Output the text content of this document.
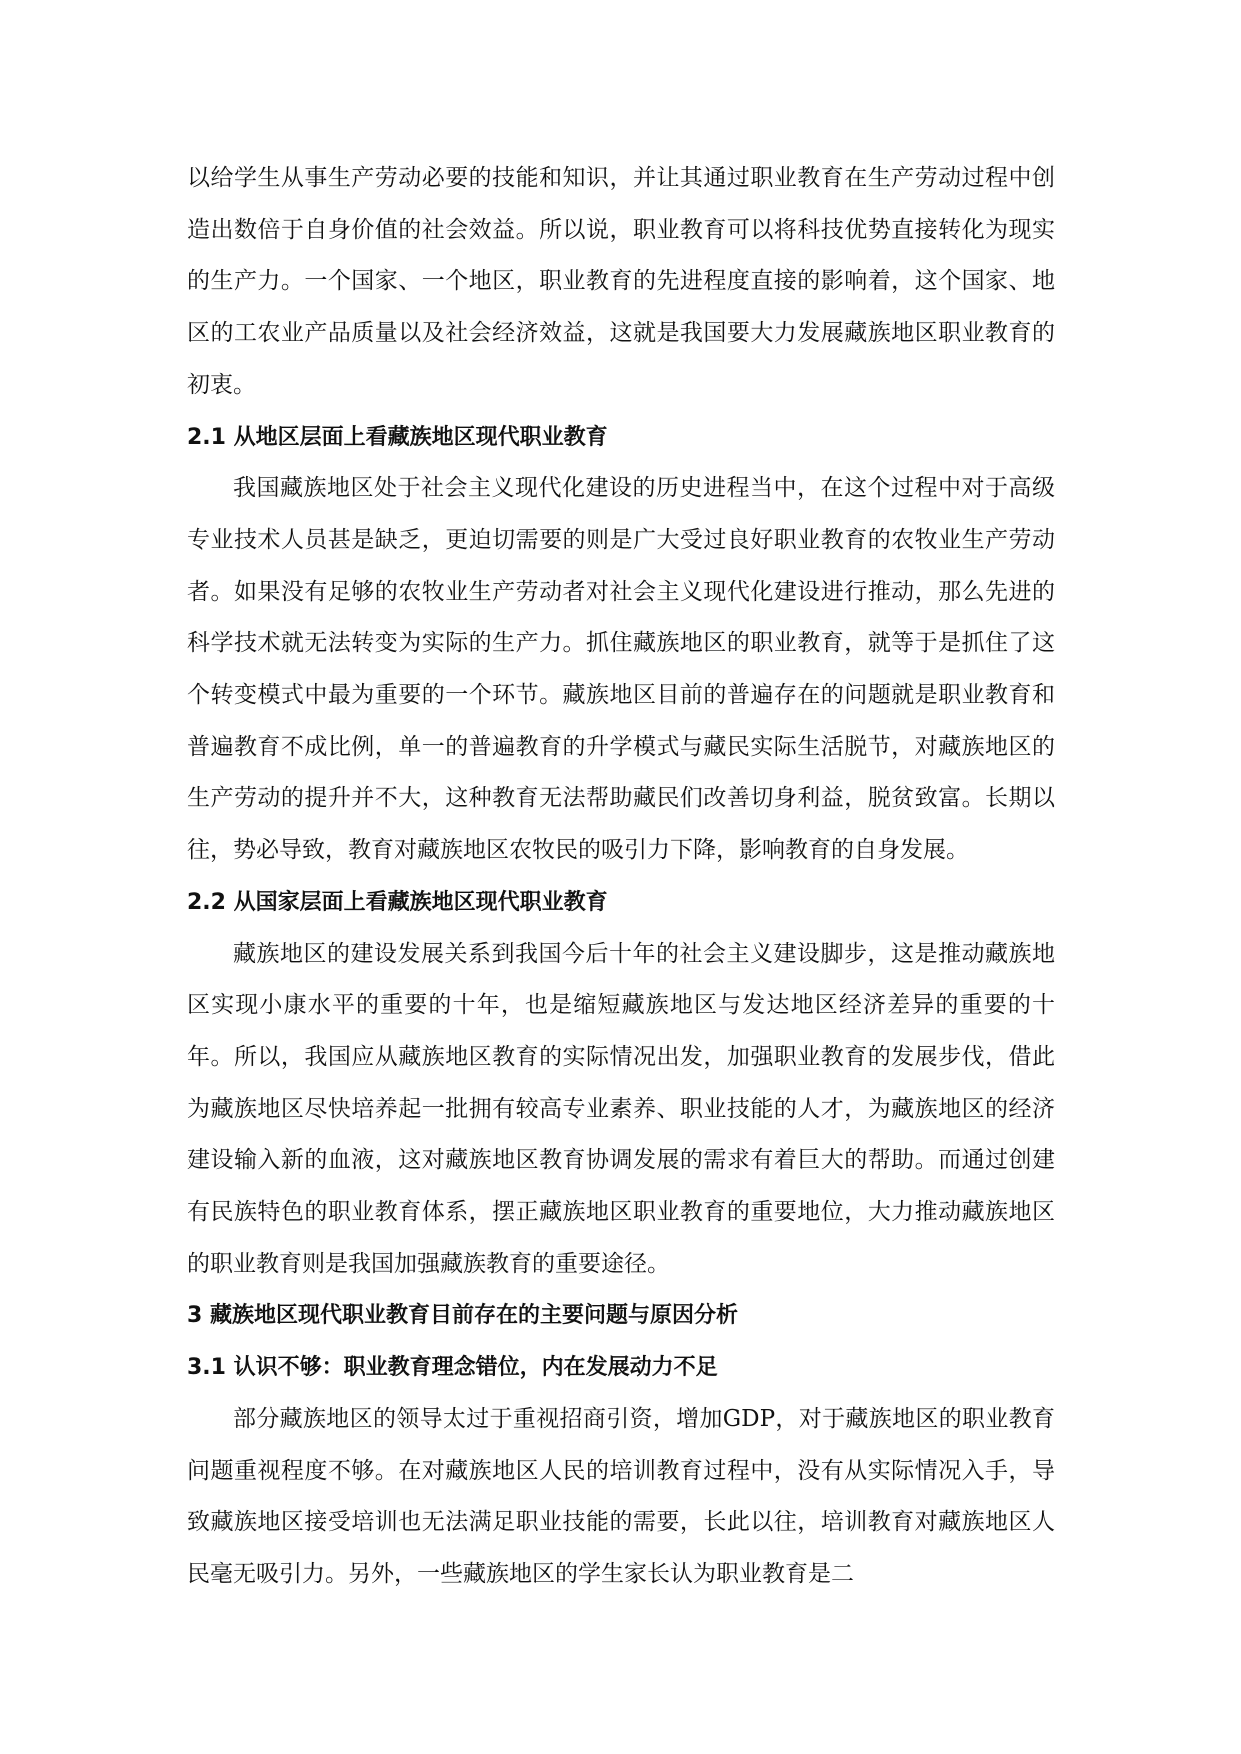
以给学生从事生产劳动必要的技能和知识，并让其通过职业教育在生产劳动过程中创造出数倍于自身价值的社会效益。所以说，职业教育可以将科技优势直接转化为现实的生产力。一个国家、一个地区，职业教育的先进程度直接的影响着，这个国家、地区的工农业产品质量以及社会经济效益，这就是我国要大力发展藏族地区职业教育的初衷。

2.1 从地区层面上看藏族地区现代职业教育

我国藏族地区处于社会主义现代化建设的历史进程当中，在这个过程中对于高级专业技术人员甚是缺乏，更迫切需要的则是广大受过良好职业教育的农牧业生产劳动者。如果没有足够的农牧业生产劳动者对社会主义现代化建设进行推动，那么先进的科学技术就无法转变为实际的生产力。抓住藏族地区的职业教育，就等于是抓住了这个转变模式中最为重要的一个环节。藏族地区目前的普遍存在的问题就是职业教育和普遍教育不成比例，单一的普遍教育的升学模式与藏民实际生活脱节，对藏族地区的生产劳动的提升并不大，这种教育无法帮助藏民们改善切身利益，脱贫致富。长期以往，势必导致，教育对藏族地区农牧民的吸引力下降，影响教育的自身发展。

2.2 从国家层面上看藏族地区现代职业教育

藏族地区的建设发展关系到我国今后十年的社会主义建设脚步，这是推动藏族地区实现小康水平的重要的十年，也是缩短藏族地区与发达地区经济差异的重要的十年。所以，我国应从藏族地区教育的实际情况出发，加强职业教育的发展步伐，借此为藏族地区尽快培养起一批拥有较高专业素养、职业技能的人才，为藏族地区的经济建设输入新的血液，这对藏族地区教育协调发展的需求有着巨大的帮助。而通过创建有民族特色的职业教育体系，摆正藏族地区职业教育的重要地位，大力推动藏族地区的职业教育则是我国加强藏族教育的重要途径。

3 藏族地区现代职业教育目前存在的主要问题与原因分析
3.1 认识不够：职业教育理念错位，内在发展动力不足

部分藏族地区的领导太过于重视招商引资，增加GDP，对于藏族地区的职业教育问题重视程度不够。在对藏族地区人民的培训教育过程中，没有从实际情况入手，导致藏族地区接受培训也无法满足职业技能的需要，长此以往，培训教育对藏族地区人民毫无吸引力。另外，一些藏族地区的学生家长认为职业教育是二
